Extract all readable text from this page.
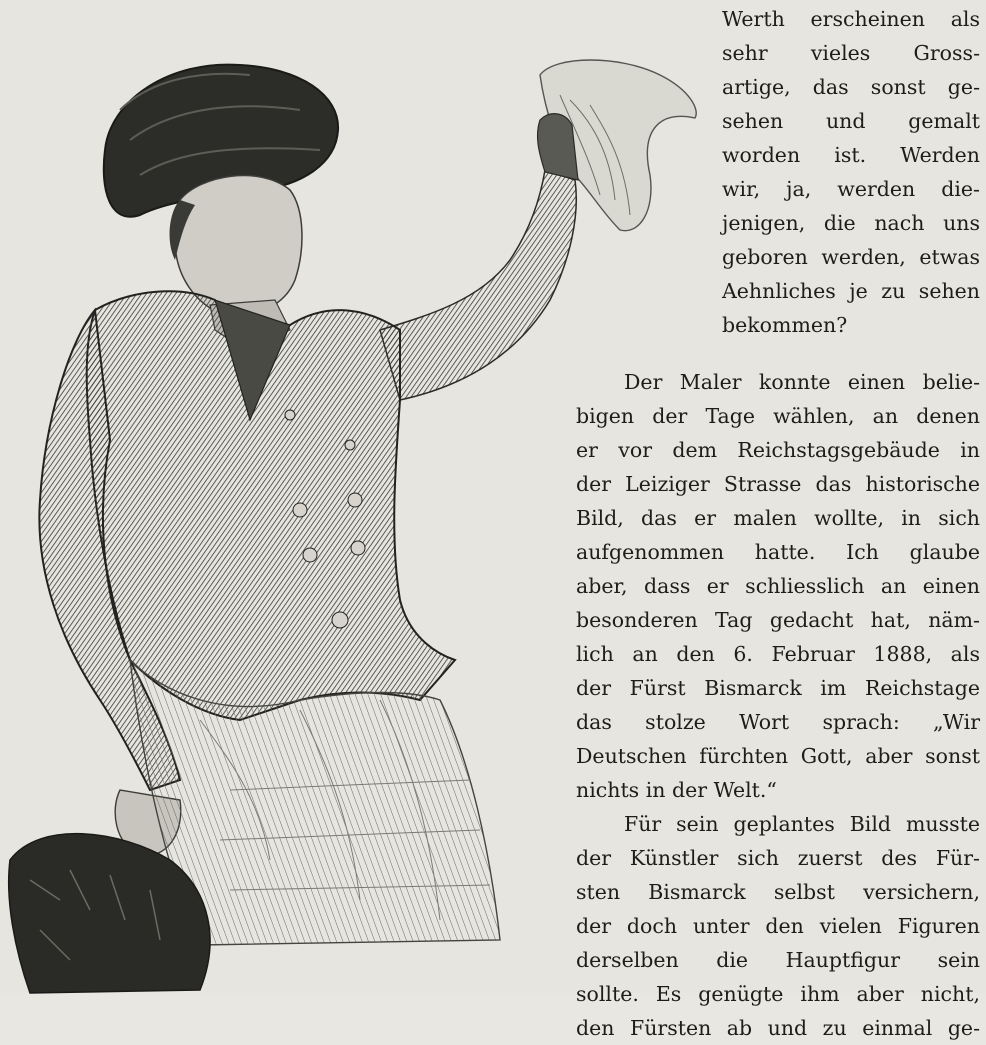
Werth erscheinen als
sehr vieles Gross-
artige, das sonst ge-
sehen und gemalt
worden ist. Werden
wir, ja, werden die-
jenigen, die nach uns
geboren werden, etwas
Aehnliches je zu sehen
bekommen?
Der Maler konnte einen belie-
bigen der Tage wählen, an denen
er vor dem Reichstagsgebäude in
der Leiziger Strasse das historische
Bild, das er malen wollte, in sich
aufgenommen hatte. Ich glaube
aber, dass er schliesslich an einen
besonderen Tag gedacht hat, näm-
lich an den 6. Februar 1888, als
der Fürst Bismarck im Reichstage
das stolze Wort sprach: „Wir
Deutschen fürchten Gott, aber sonst
nichts in der Welt.“
Für sein geplantes Bild musste
der Künstler sich zuerst des Für-
sten Bismarck selbst versichern,
der doch unter den vielen Figuren
derselben die Hauptfigur sein
sollte. Es genügte ihm aber nicht,
den Fürsten ab und zu einmal ge-
